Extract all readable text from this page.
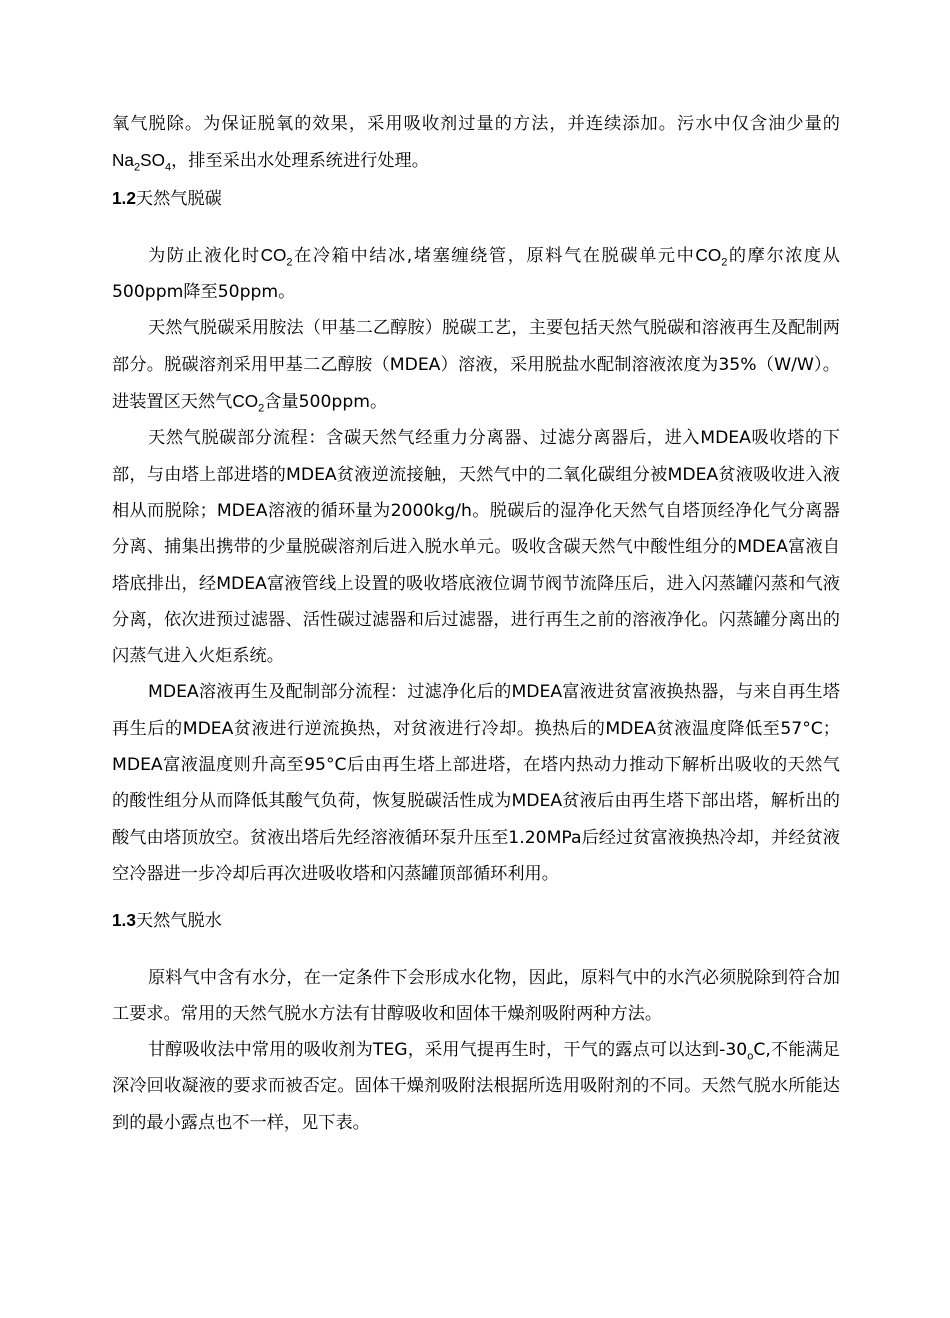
氧气脱除。为保证脱氧的效果，采用吸收剂过量的方法，并连续添加。污水中仅含油少量的$Na_2SO_4$，排至采出水处理系统进行处理。

1.2天然气脱碳

为防止液化时$CO_2$在冷箱中结冰,堵塞缠绕管，原料气在脱碳单元中$CO_2$的摩尔浓度从500ppm降至50ppm。

天然气脱碳采用胺法（甲基二乙醇胺）脱碳工艺，主要包括天然气脱碳和溶液再生及配制两部分。脱碳溶剂采用甲基二乙醇胺（MDEA）溶液，采用脱盐水配制溶液浓度为35%（W/W）。进装置区天然气$CO_2$含量500ppm。

天然气脱碳部分流程：含碳天然气经重力分离器、过滤分离器后，进入MDEA吸收塔的下部，与由塔上部进塔的MDEA贫液逆流接触，天然气中的二氧化碳组分被MDEA贫液吸收进入液相从而脱除；MDEA溶液的循环量为2000kg/h。脱碳后的湿净化天然气自塔顶经净化气分离器分离、捕集出携带的少量脱碳溶剂后进入脱水单元。吸收含碳天然气中酸性组分的MDEA富液自塔底排出，经MDEA富液管线上设置的吸收塔底液位调节阀节流降压后，进入闪蒸罐闪蒸和气液分离，依次进预过滤器、活性碳过滤器和后过滤器，进行再生之前的溶液净化。闪蒸罐分离出的闪蒸气进入火炬系统。

MDEA溶液再生及配制部分流程：过滤净化后的MDEA富液进贫富液换热器，与来自再生塔再生后的MDEA贫液进行逆流换热，对贫液进行冷却。换热后的MDEA贫液温度降低至57°C；MDEA富液温度则升高至95°C后由再生塔上部进塔，在塔内热动力推动下解析出吸收的天然气的酸性组分从而降低其酸气负荷，恢复脱碳活性成为MDEA贫液后由再生塔下部出塔，解析出的酸气由塔顶放空。贫液出塔后先经溶液循环泵升压至1.20MPa后经过贫富液换热冷却，并经贫液空冷器进一步冷却后再次进吸收塔和闪蒸罐顶部循环利用。

1.3天然气脱水

原料气中含有水分，在一定条件下会形成水化物，因此，原料气中的水汽必须脱除到符合加工要求。常用的天然气脱水方法有甘醇吸收和固体干燥剂吸附两种方法。

甘醇吸收法中常用的吸收剂为TEG，采用气提再生时，干气的露点可以达到$-30_oC$,不能满足深冷回收凝液的要求而被否定。固体干燥剂吸附法根据所选用吸附剂的不同。天然气脱水所能达到的最小露点也不一样，见下表。
